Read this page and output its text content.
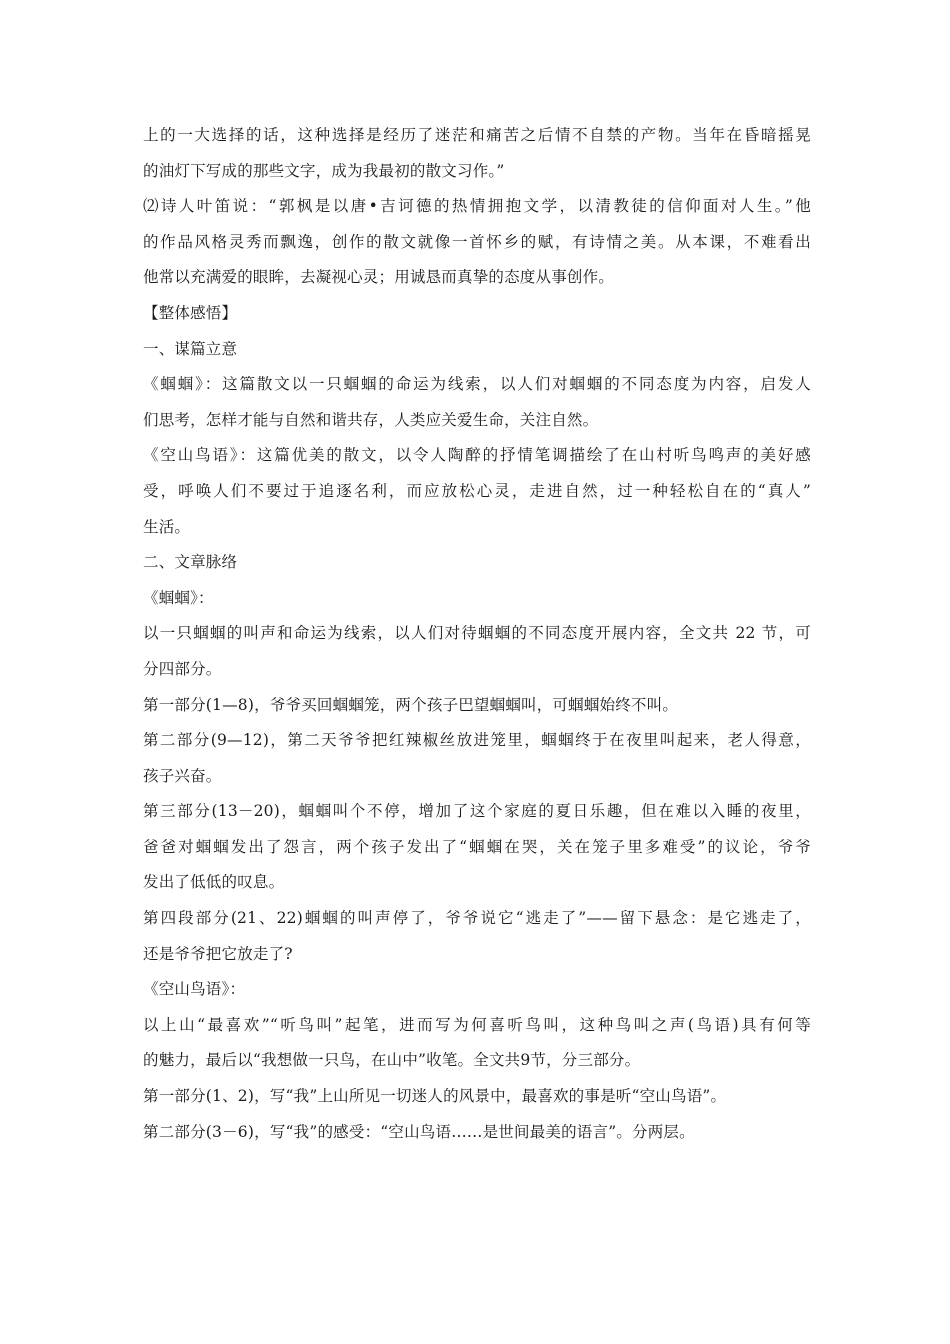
上的一大选择的话，这种选择是经历了迷茫和痛苦之后情不自禁的产物。当年在昏暗摇晃
的油灯下写成的那些文字，成为我最初的散文习作。”
⑵诗人叶笛说：“郭枫是以唐•吉诃德的热情拥抱文学，以清教徒的信仰面对人生。”他
的作品风格灵秀而飘逸，创作的散文就像一首怀乡的赋，有诗情之美。从本课，不难看出
他常以充满爱的眼眸，去凝视心灵；用诚恳而真挚的态度从事创作。
【整体感悟】
一、谋篇立意
《蝈蝈》：这篇散文以一只蝈蝈的命运为线索，以人们对蝈蝈的不同态度为内容，启发人
们思考，怎样才能与自然和谐共存，人类应关爱生命，关注自然。
《空山鸟语》：这篇优美的散文，以令人陶醉的抒情笔调描绘了在山村听鸟鸣声的美好感
受，呼唤人们不要过于追逐名利，而应放松心灵，走进自然，过一种轻松自在的“真人”
生活。
二、文章脉络
《蝈蝈》：
以一只蝈蝈的叫声和命运为线索，以人们对待蝈蝈的不同态度开展内容，全文共 22 节，可
分四部分。
第一部分(1—8)，爷爷买回蝈蝈笼，两个孩子巴望蝈蝈叫，可蝈蝈始终不叫。
第二部分(9—12)，第二天爷爷把红辣椒丝放进笼里，蝈蝈终于在夜里叫起来，老人得意，
孩子兴奋。
第三部分(13－20)，蝈蝈叫个不停，增加了这个家庭的夏日乐趣，但在难以入睡的夜里，
爸爸对蝈蝈发出了怨言，两个孩子发出了“蝈蝈在哭，关在笼子里多难受”的议论，爷爷
发出了低低的叹息。
第四段部分(21、22)蝈蝈的叫声停了，爷爷说它“逃走了”——留下悬念：是它逃走了，
还是爷爷把它放走了?
《空山鸟语》：
以上山“最喜欢”“听鸟叫”起笔，进而写为何喜听鸟叫，这种鸟叫之声(鸟语)具有何等
的魅力，最后以“我想做一只鸟，在山中”收笔。全文共9节，分三部分。
第一部分(1、2)，写“我”上山所见一切迷人的风景中，最喜欢的事是听“空山鸟语”。
第二部分(3－6)，写“我”的感受：“空山鸟语……是世间最美的语言”。分两层。
